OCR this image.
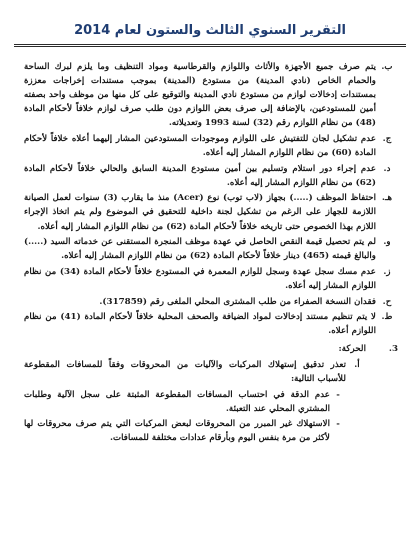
التقرير السنوي الثالث والستون لعام 2014
ب.
يتم صرف جميع الأجهزة والأثاث واللوازم والقرطاسية ومواد التنظيف وما يلزم لبرك الساحة والحمام الخاص (نادي المدينة) من مستودع (المدينة) بموجب مستندات إخراجات معززة بمستندات إدخالات لوازم من مستودع نادي المدينة والتوقيع على كل منها من موظف واحد بصفته أمين للمستودعين، بالإضافة إلى صرف بعض اللوازم دون طلب صرف لوازم خلافاً لأحكام المادة (48) من نظام اللوازم رقم (32) لسنة 1993 وتعديلاته.
ج.
عدم تشكيل لجان للتفتيش على اللوازم وموجودات المستودعين المشار إليهما أعلاه خلافاً لأحكام المادة (60) من نظام اللوازم المشار إليه أعلاه.
د.
عدم إجراء دور استلام وتسليم بين أمين مستودع المدينة السابق والحالي خلافاً لأحكام المادة (62) من نظام اللوازم المشار إليه أعلاه.
هـ.
احتفاظ الموظف (.....) بجهاز (لاب توب) نوع (Acer) منذ ما يقارب (3) سنوات لعمل الصيانة اللازمة للجهاز على الرغم من تشكيل لجنة داخلية للتحقيق في الموضوع ولم يتم اتخاذ الإجراء اللازم بهذا الخصوص حتى تاريخه خلافاً لأحكام المادة (62) من نظام اللوازم المشار إليه أعلاه.
و.
لم يتم تحصيل قيمة النقص الحاصل في عهدة موظف المنجرة المستقنى عن خدماته السيد (.....) والبالغ قيمته (465) دينار خلافاً لأحكام المادة (62) من نظام اللوازم المشار إليه أعلاه.
ز.
عدم مسك سجل عهدة وسجل للوازم المعمرة في المستودع خلافاً لأحكام المادة (34) من نظام اللوازم المشار إليه أعلاه.
ح.
فقدان النسخة الصفراء من طلب المشترى المحلي الملغى رقم (317859).
ط.
لا يتم تنظيم مستند إدخالات لمواد الضيافة والصحف المحلية خلافاً لأحكام المادة (41) من نظام اللوازم أعلاه.
3.
الحركة:
أ.
تعذر تدقيق إستهلاك المركبات والآليات من المحروقات وفقاً للمسافات المقطوعة للأسباب التالية:
-
عدم الدقة في احتساب المسافات المقطوعة المثبتة على سجل الآلية وطلبات المشتري المحلي عند التعبئة.
-
الاستهلاك غير المبرر من المحروقات لبعض المركبات التي يتم صرف محروقات لها لأكثر من مرة بنفس اليوم وبأرقام عدادات مختلفة للمسافات.
